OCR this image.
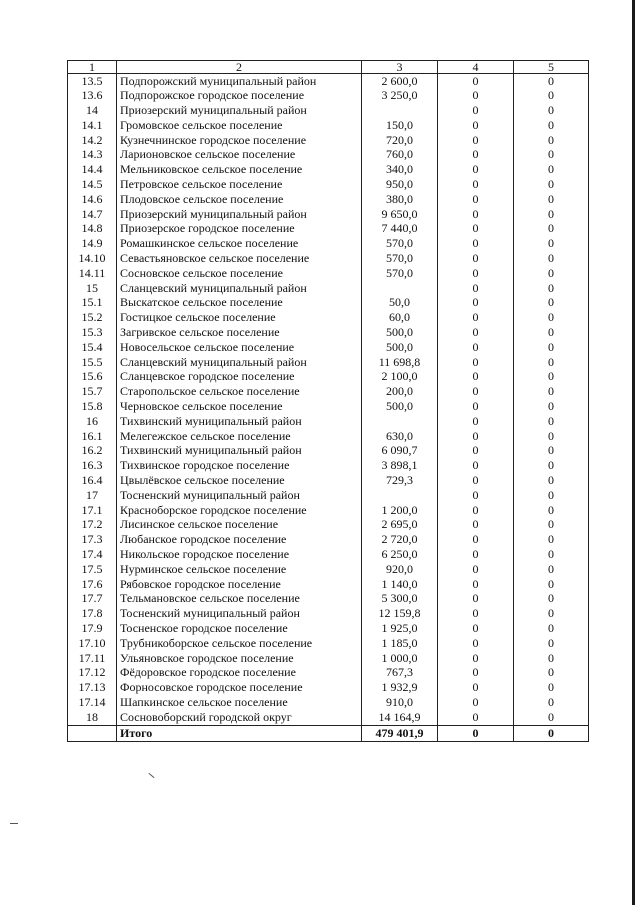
1	2	3	4	5
13.5	Подпорожский муниципальный район	2 600,0	0	0
13.6	Подпорожское городское поселение	3 250,0	0	0
14	Приозерский муниципальный район		0	0
14.1	Громовское сельское поселение	150,0	0	0
14.2	Кузнечнинское городское поселение	720,0	0	0
14.3	Ларионовское сельское поселение	760,0	0	0
14.4	Мельниковское сельское поселение	340,0	0	0
14.5	Петровское сельское поселение	950,0	0	0
14.6	Плодовское сельское поселение	380,0	0	0
14.7	Приозерский муниципальный район	9 650,0	0	0
14.8	Приозерское городское поселение	7 440,0	0	0
14.9	Ромашкинское сельское поселение	570,0	0	0
14.10	Севастьяновское сельское поселение	570,0	0	0
14.11	Сосновское сельское поселение	570,0	0	0
15	Сланцевский муниципальный район		0	0
15.1	Выскатское сельское поселение	50,0	0	0
15.2	Гостицкое сельское поселение	60,0	0	0
15.3	Загривское сельское поселение	500,0	0	0
15.4	Новосельское сельское поселение	500,0	0	0
15.5	Сланцевский муниципальный район	11 698,8	0	0
15.6	Сланцевское городское поселение	2 100,0	0	0
15.7	Старопольское сельское поселение	200,0	0	0
15.8	Черновское сельское поселение	500,0	0	0
16	Тихвинский муниципальный район		0	0
16.1	Мелегежское сельское поселение	630,0	0	0
16.2	Тихвинский муниципальный район	6 090,7	0	0
16.3	Тихвинское городское поселение	3 898,1	0	0
16.4	Цвылёвское сельское поселение	729,3	0	0
17	Тосненский муниципальный район		0	0
17.1	Красноборское городское поселение	1 200,0	0	0
17.2	Лисинское сельское поселение	2 695,0	0	0
17.3	Любанское городское поселение	2 720,0	0	0
17.4	Никольское городское поселение	6 250,0	0	0
17.5	Нурминское сельское поселение	920,0	0	0
17.6	Рябовское городское поселение	1 140,0	0	0
17.7	Тельмановское сельское поселение	5 300,0	0	0
17.8	Тосненский муниципальный район	12 159,8	0	0
17.9	Тосненское городское поселение	1 925,0	0	0
17.10	Трубникоборское сельское поселение	1 185,0	0	0
17.11	Ульяновское городское поселение	1 000,0	0	0
17.12	Фёдоровское городское поселение	767,3	0	0
17.13	Форносовское городское поселение	1 932,9	0	0
17.14	Шапкинское сельское поселение	910,0	0	0
18	Сосновоборский городской округ	14 164,9	0	0
	Итого	479 401,9	0	0
